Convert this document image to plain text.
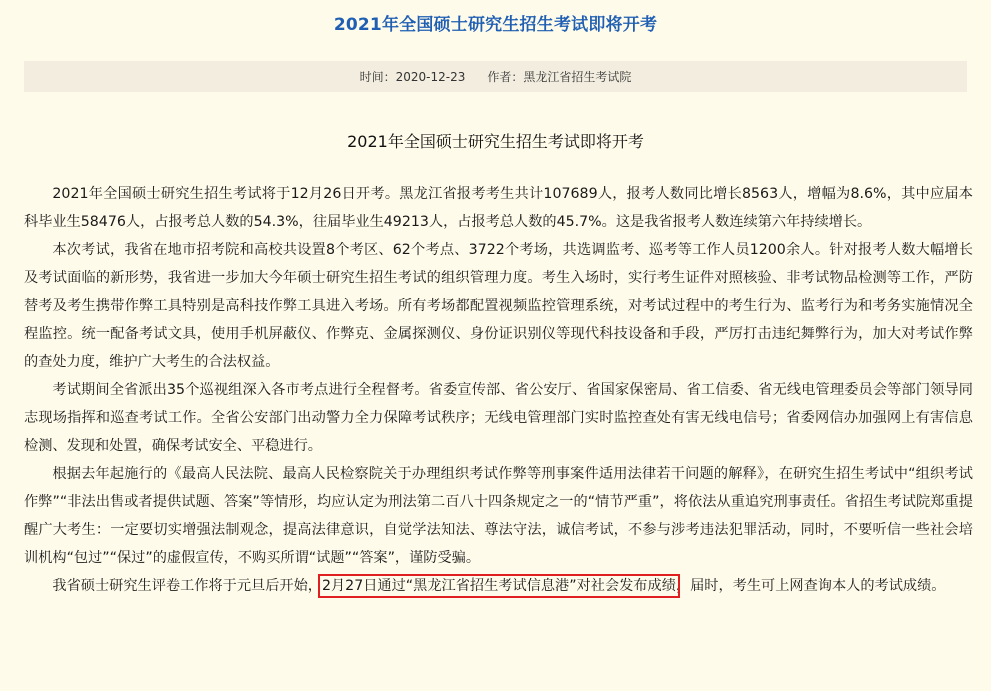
2021年全国硕士研究生招生考试即将开考
时间： 2020-12-23 作者： 黑龙江省招生考试院
2021年全国硕士研究生招生考试即将开考

2021年全国硕士研究生招生考试将于12月26日开考。黑龙江省报考考生共计107689人，报考人数同比增长8563人，增幅为8.6%，其中应届本科毕业生58476人，占报考总人数的54.3%，往届毕业生49213人，占报考总人数的45.7%。这是我省报考人数连续第六年持续增长。

本次考试，我省在地市招考院和高校共设置8个考区、62个考点、3722个考场，共选调监考、巡考等工作人员1200余人。针对报考人数大幅增长及考试面临的新形势，我省进一步加大今年硕士研究生招生考试的组织管理力度。考生入场时，实行考生证件对照核验、非考试物品检测等工作，严防替考及考生携带作弊工具特别是高科技作弊工具进入考场。所有考场都配置视频监控管理系统，对考试过程中的考生行为、监考行为和考务实施情况全程监控。统一配备考试文具，使用手机屏蔽仪、作弊克、金属探测仪、身份证识别仪等现代科技设备和手段，严厉打击违纪舞弊行为，加大对考试作弊的查处力度，维护广大考生的合法权益。

考试期间全省派出35个巡视组深入各市考点进行全程督考。省委宣传部、省公安厅、省国家保密局、省工信委、省无线电管理委员会等部门领导同志现场指挥和巡查考试工作。全省公安部门出动警力全力保障考试秩序；无线电管理部门实时监控查处有害无线电信号；省委网信办加强网上有害信息检测、发现和处置，确保考试安全、平稳进行。

根据去年起施行的《最高人民法院、最高人民检察院关于办理组织考试作弊等刑事案件适用法律若干问题的解释》，在研究生招生考试中“组织考试作弊”“非法出售或者提供试题、答案”等情形，均应认定为刑法第二百八十四条规定之一的“情节严重”，将依法从重追究刑事责任。省招生考试院郑重提醒广大考生：一定要切实增强法制观念，提高法律意识，自觉学法知法、尊法守法，诚信考试，不参与涉考违法犯罪活动，同时，不要听信一些社会培训机构“包过”“保过”的虚假宣传，不购买所谓“试题”“答案”，谨防受骗。

我省硕士研究生评卷工作将于元旦后开始，2月27日通过“黑龙江省招生考试信息港”对社会发布成绩，届时，考生可上网查询本人的考试成绩。
